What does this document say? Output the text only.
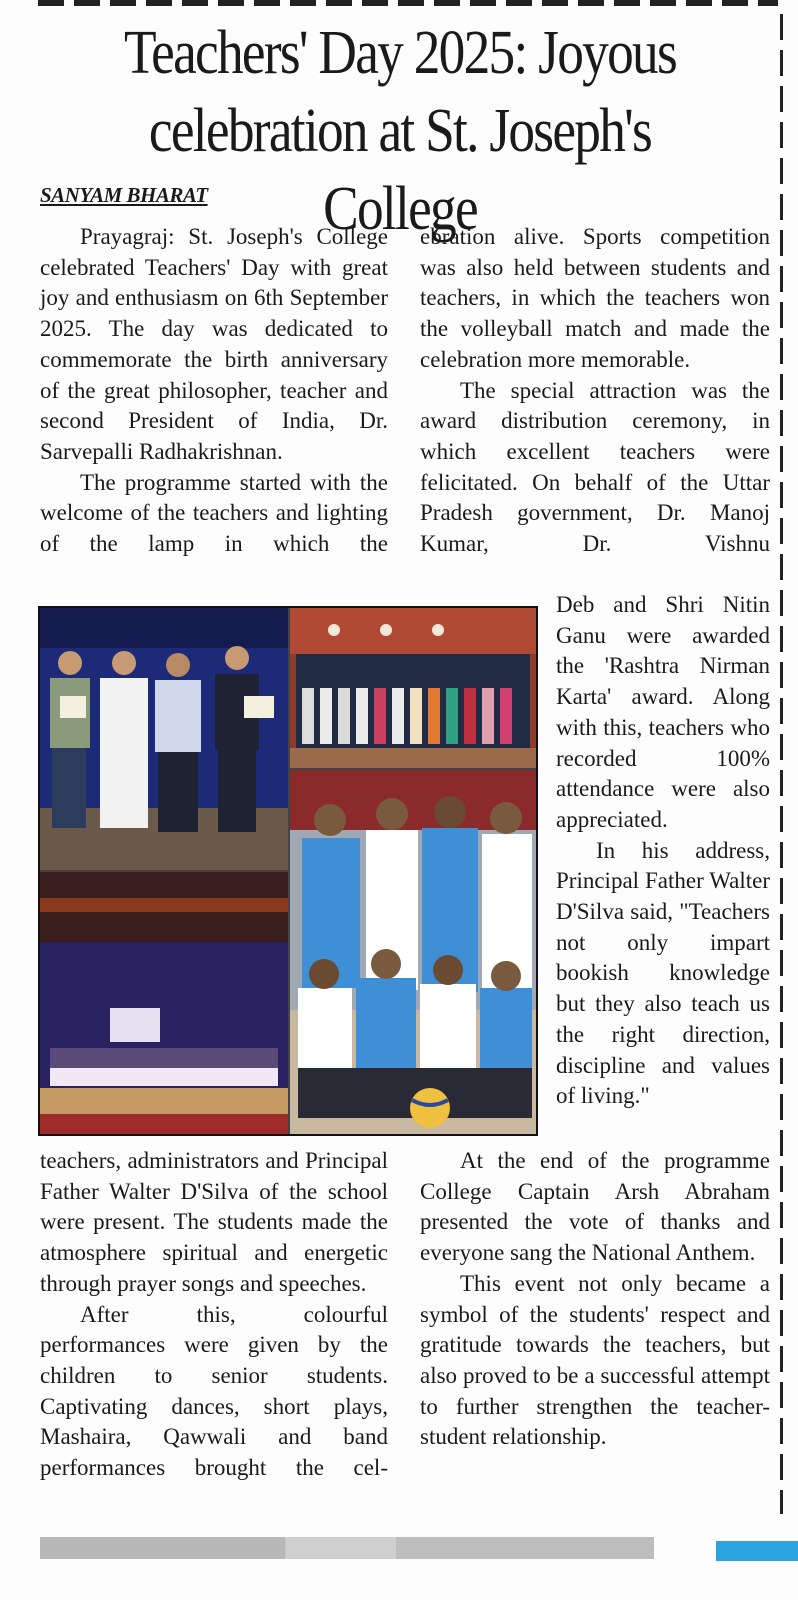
Teachers' Day 2025: Joyous
celebration at St. Joseph's College
SANYAM BHARAT

Prayagraj: St. Joseph's College celebrated Teachers' Day with great joy and enthusiasm on 6th September 2025. The day was dedicated to commemorate the birth anniversary of the great philosopher, teacher and second President of India, Dr. Sarvepalli Radhakrishnan.

The programme started with the welcome of the teachers and lighting of the lamp in which the

ebration alive. Sports competition was also held between students and teachers, in which the teachers won the volleyball match and made the celebration more memorable.

The special attraction was the award distribution ceremony, in which excellent teachers were felicitated. On behalf of the Uttar Pradesh government, Dr. Manoj Kumar, Dr. Vishnu

Deb and Shri Nitin Ganu were awarded the 'Rashtra Nirman Karta' award. Along with this, teachers who recorded 100% attendance were also appreciated.

In his address, Principal Father Walter D'Silva said, "Teachers not only impart bookish knowledge but they also teach us the right direction, discipline and values of living."

teachers, administrators and Principal Father Walter D'Silva of the school were present. The students made the atmosphere spiritual and energetic through prayer songs and speeches.

After this, colourful performances were given by the children to senior students. Captivating dances, short plays, Mashaira, Qawwali and band performances brought the cel-

At the end of the programme College Captain Arsh Abraham presented the vote of thanks and everyone sang the National Anthem.

This event not only became a symbol of the students' respect and gratitude towards the teachers, but also proved to be a successful attempt to further strengthen the teacher-student relationship.
